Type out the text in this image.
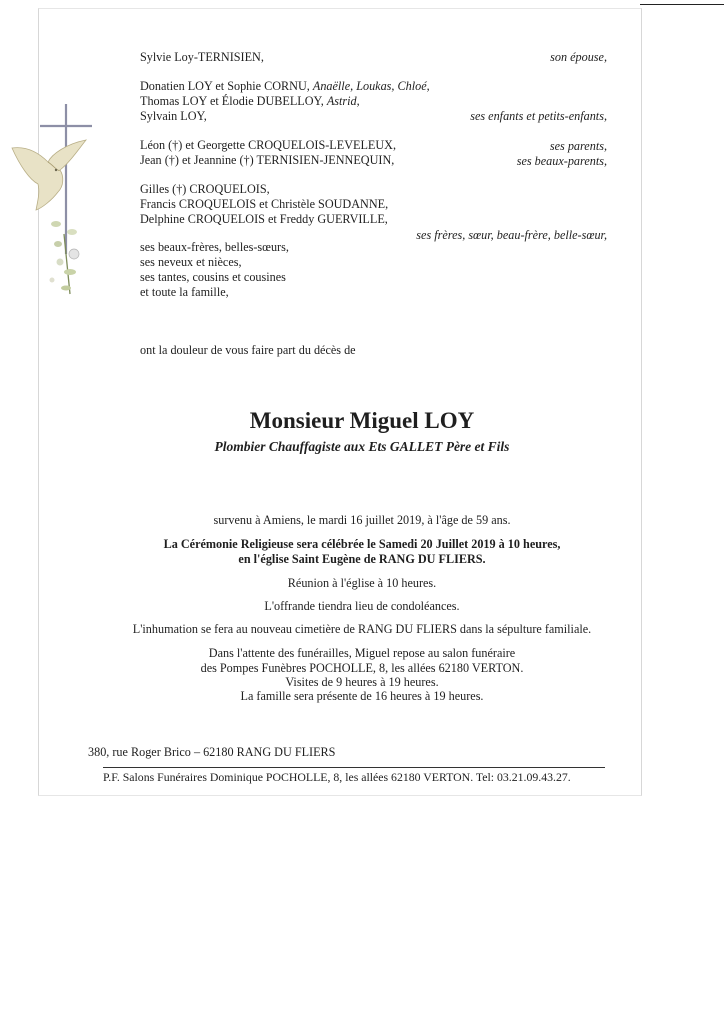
Sylvie Loy-TERNISIEN,	son épouse,
Donatien LOY et Sophie CORNU, Anaëlle, Loukas, Chloé,
Thomas LOY et Élodie DUBELLOY, Astrid,
Sylvain LOY,	ses enfants et petits-enfants,
Léon (†) et Georgette CROQUELOIS-LEVELEUX,	ses parents,
Jean (†) et Jeannine (†) TERNISIEN-JENNEQUIN,	ses beaux-parents,
Gilles (†) CROQUELOIS,
Francis CROQUELOIS et Christèle SOUDANNE,
Delphine CROQUELOIS et Freddy GUERVILLE,
ses frères, sœur, beau-frère, belle-sœur,
ses beaux-frères, belles-sœurs,
ses neveux et nièces,
ses tantes, cousins et cousines
et toute la famille,
ont la douleur de vous faire part du décès de
Monsieur Miguel LOY
Plombier Chauffagiste aux Ets GALLET Père et Fils
survenu à Amiens, le mardi 16 juillet 2019, à l'âge de 59 ans.
La Cérémonie Religieuse sera célébrée le Samedi 20 Juillet 2019 à 10 heures,
en l'église Saint Eugène de RANG DU FLIERS.
Réunion à l'église à 10 heures.
L'offrande tiendra lieu de condoléances.
L'inhumation se fera au nouveau cimetière de RANG DU FLIERS dans la sépulture familiale.
Dans l'attente des funérailles, Miguel repose au salon funéraire
des Pompes Funèbres POCHOLLE, 8, les allées 62180 VERTON.
Visites de 9 heures à 19 heures.
La famille sera présente de 16 heures à 19 heures.
380, rue Roger Brico – 62180 RANG DU FLIERS
P.F. Salons Funéraires Dominique POCHOLLE, 8, les allées 62180 VERTON. Tel: 03.21.09.43.27.
